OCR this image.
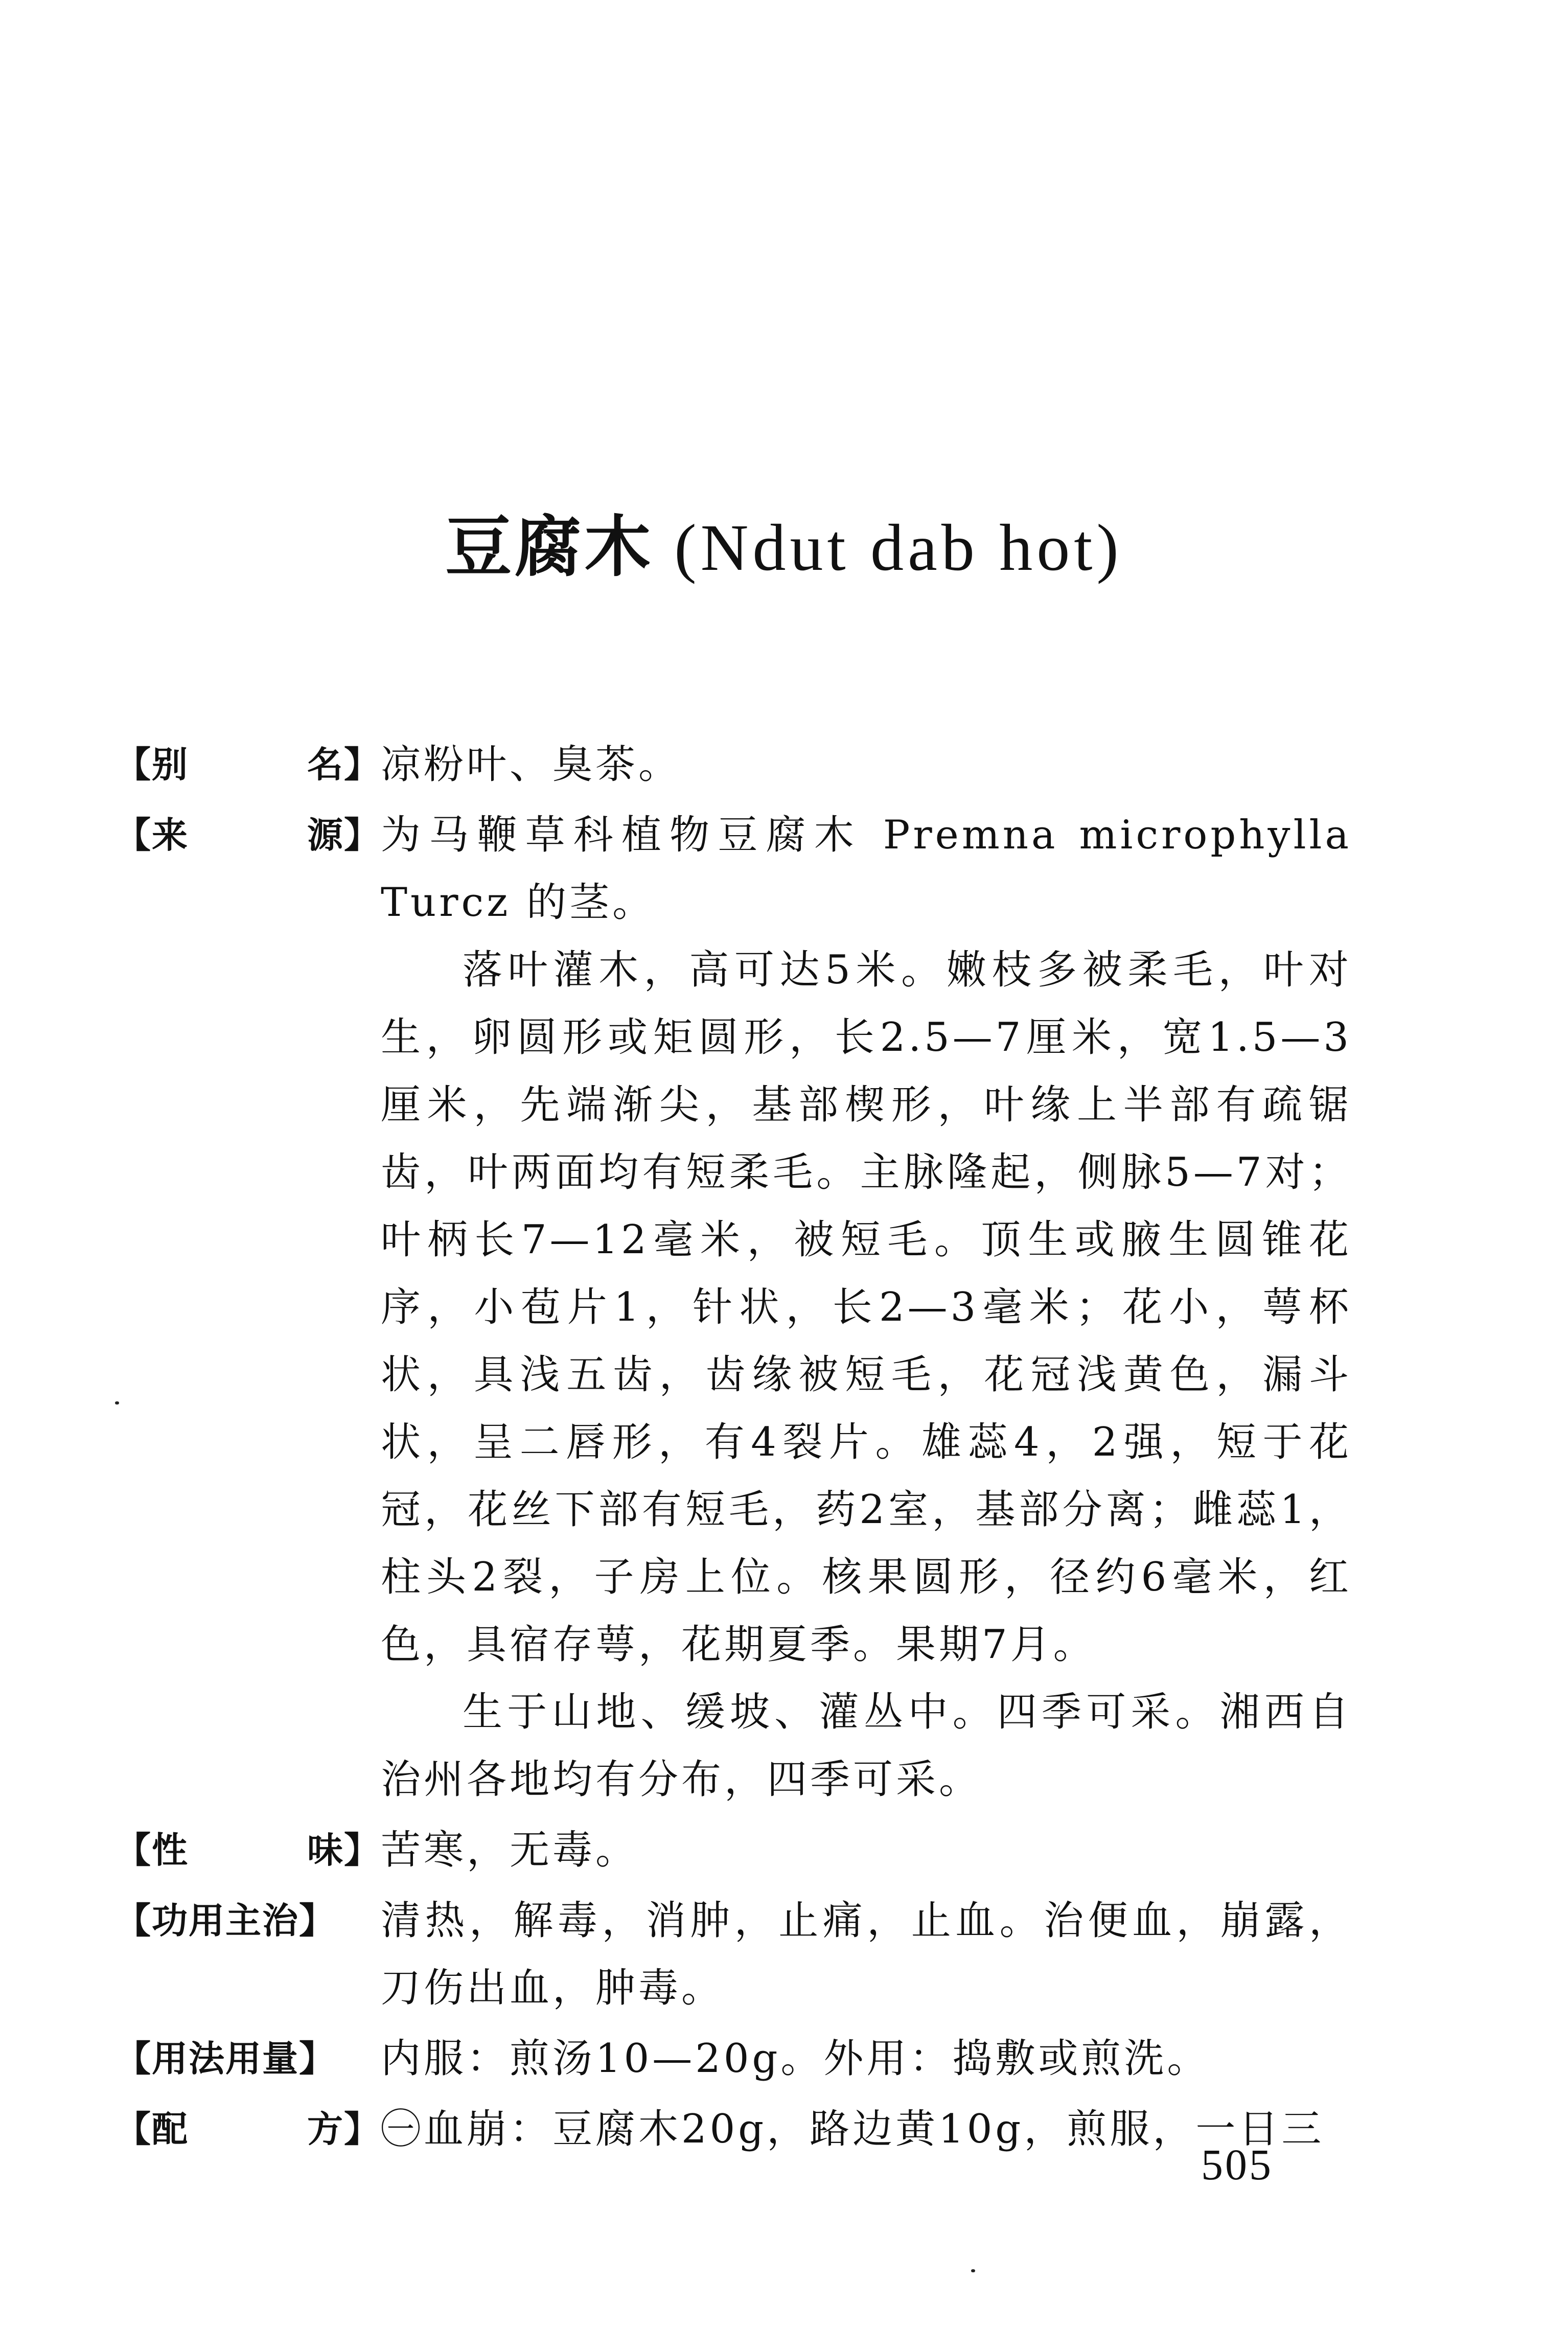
豆腐木 (Ndut dab hot)
【别	名】 凉粉叶、臭茶。

【来	源】 为马鞭草科植物豆腐木 Premna microphylla Turcz 的茎。

落叶灌木，高可达5米。嫩枝多被柔毛，叶对生，卵圆形或矩圆形，长2.5—7厘米，宽1.5—3厘米，先端渐尖，基部楔形，叶缘上半部有疏锯齿，叶两面均有短柔毛。主脉隆起，侧脉5—7对；叶柄长7—12毫米，被短毛。顶生或腋生圆锥花序，小苞片1，针状，长2—3毫米；花小，萼杯状，具浅五齿，齿缘被短毛，花冠浅黄色，漏斗状，呈二唇形，有4裂片。雄蕊4，2强，短于花冠，花丝下部有短毛，药2室，基部分离；雌蕊1，柱头2裂，子房上位。核果圆形，径约6毫米，红色，具宿存萼，花期夏季。果期7月。

生于山地、缓坡、灌丛中。四季可采。湘西自治州各地均有分布，四季可采。

【性	味】 苦寒，无毒。

【功用主治】 清热，解毒，消肿，止痛，止血。治便血，崩露，刀伤出血，肿毒。

【用法用量】 内服：煎汤10—20g。外用：捣敷或煎洗。

【配	方】 ㊀血崩：豆腐木20g，路边黄10g，煎服，一日三

505
